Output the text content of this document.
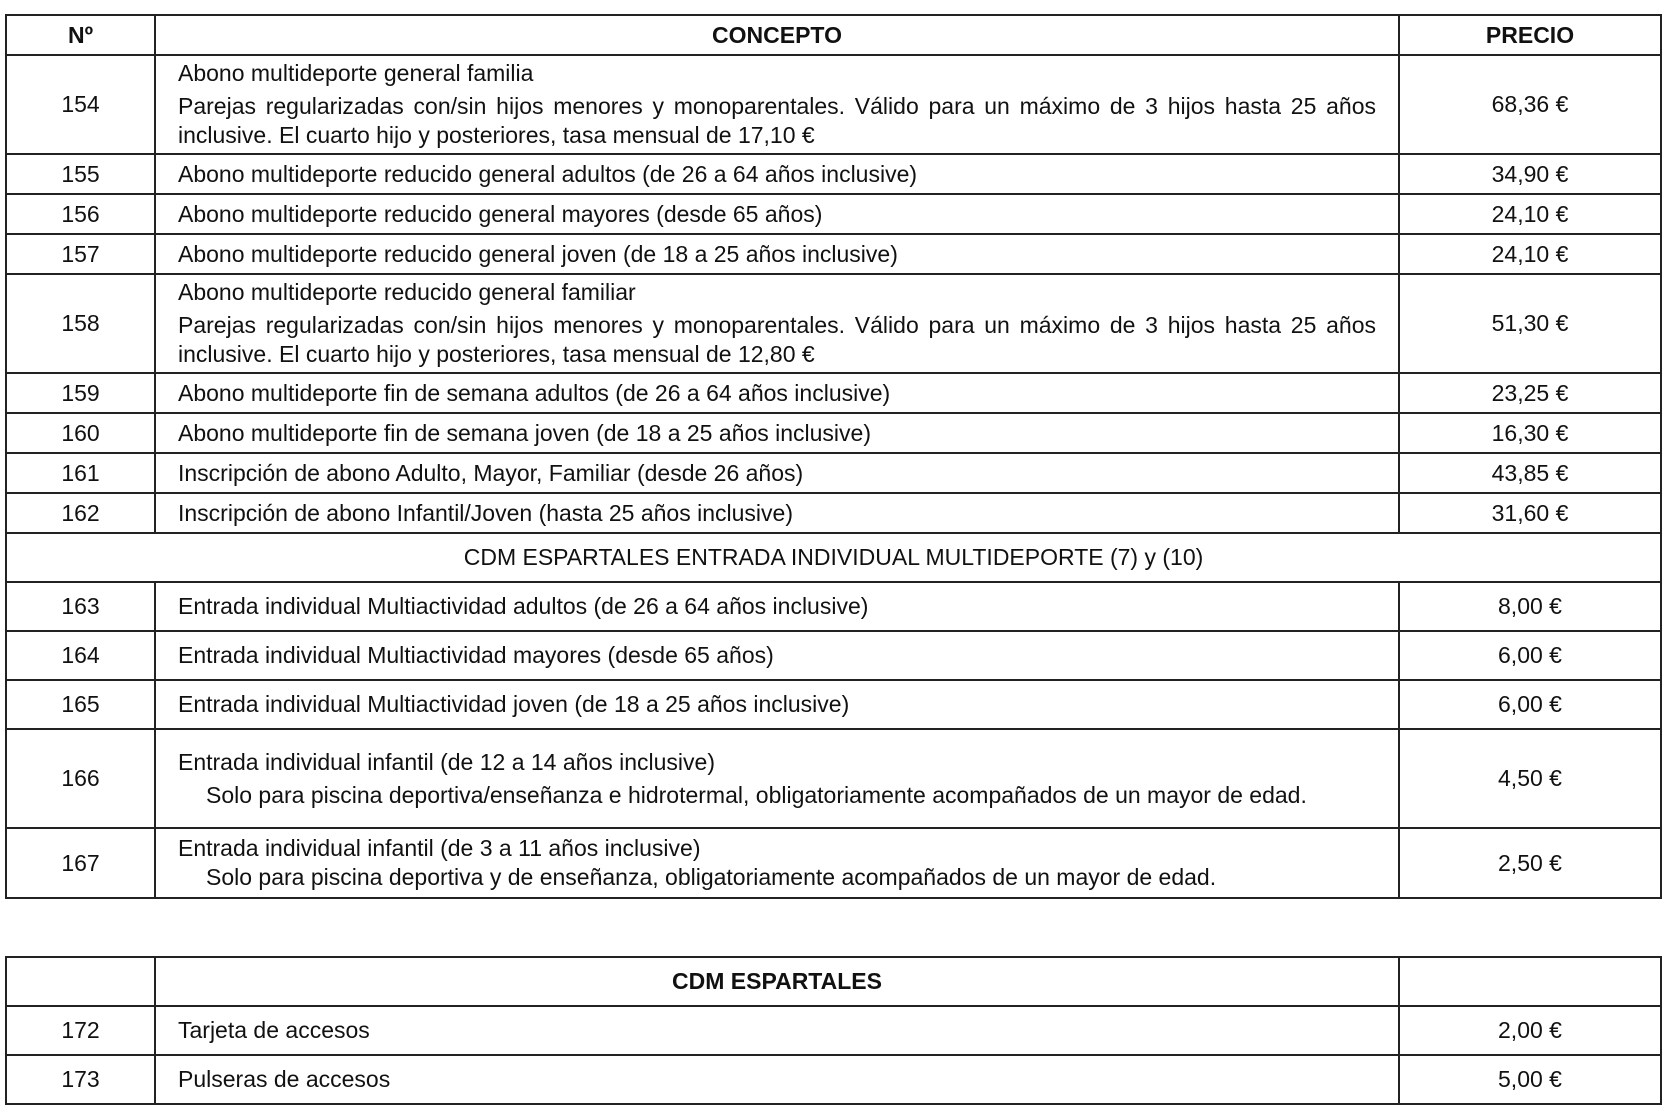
Nº	CONCEPTO	PRECIO
154	Abono multideporte general familia
Parejas regularizadas con/sin hijos menores y monoparentales. Válido para un máximo de 3 hijos hasta 25 años inclusive. El cuarto hijo y posteriores, tasa mensual de 17,10 €	68,36 €
155	Abono multideporte reducido general adultos (de 26 a 64 años inclusive)	34,90 €
156	Abono multideporte reducido general mayores (desde 65 años)	24,10 €
157	Abono multideporte reducido general joven (de 18 a 25 años inclusive)	24,10 €
158	Abono multideporte reducido general familiar
Parejas regularizadas con/sin hijos menores y monoparentales. Válido para un máximo de 3 hijos hasta 25 años inclusive. El cuarto hijo y posteriores, tasa mensual de 12,80 €	51,30 €
159	Abono multideporte fin de semana adultos (de 26 a 64 años inclusive)	23,25 €
160	Abono multideporte fin de semana joven (de 18 a 25 años inclusive)	16,30 €
161	Inscripción de abono Adulto, Mayor, Familiar (desde 26 años)	43,85 €
162	Inscripción de abono Infantil/Joven (hasta 25 años inclusive)	31,60 €
CDM ESPARTALES ENTRADA INDIVIDUAL MULTIDEPORTE (7) y (10)		
163	Entrada individual Multiactividad adultos (de 26 a 64 años inclusive)	8,00 €
164	Entrada individual Multiactividad mayores (desde 65 años)	6,00 €
165	Entrada individual Multiactividad joven (de 18 a 25 años inclusive)	6,00 €
166	Entrada individual infantil (de 12 a 14 años inclusive)
Solo para piscina deportiva/enseñanza e hidrotermal, obligatoriamente acompañados de un mayor de edad.	4,50 €
167	Entrada individual infantil (de 3 a 11 años inclusive)
Solo para piscina deportiva y de enseñanza, obligatoriamente acompañados de un mayor de edad.	2,50 €
	CDM ESPARTALES	
172	Tarjeta de accesos	2,00 €
173	Pulseras de accesos	5,00 €
